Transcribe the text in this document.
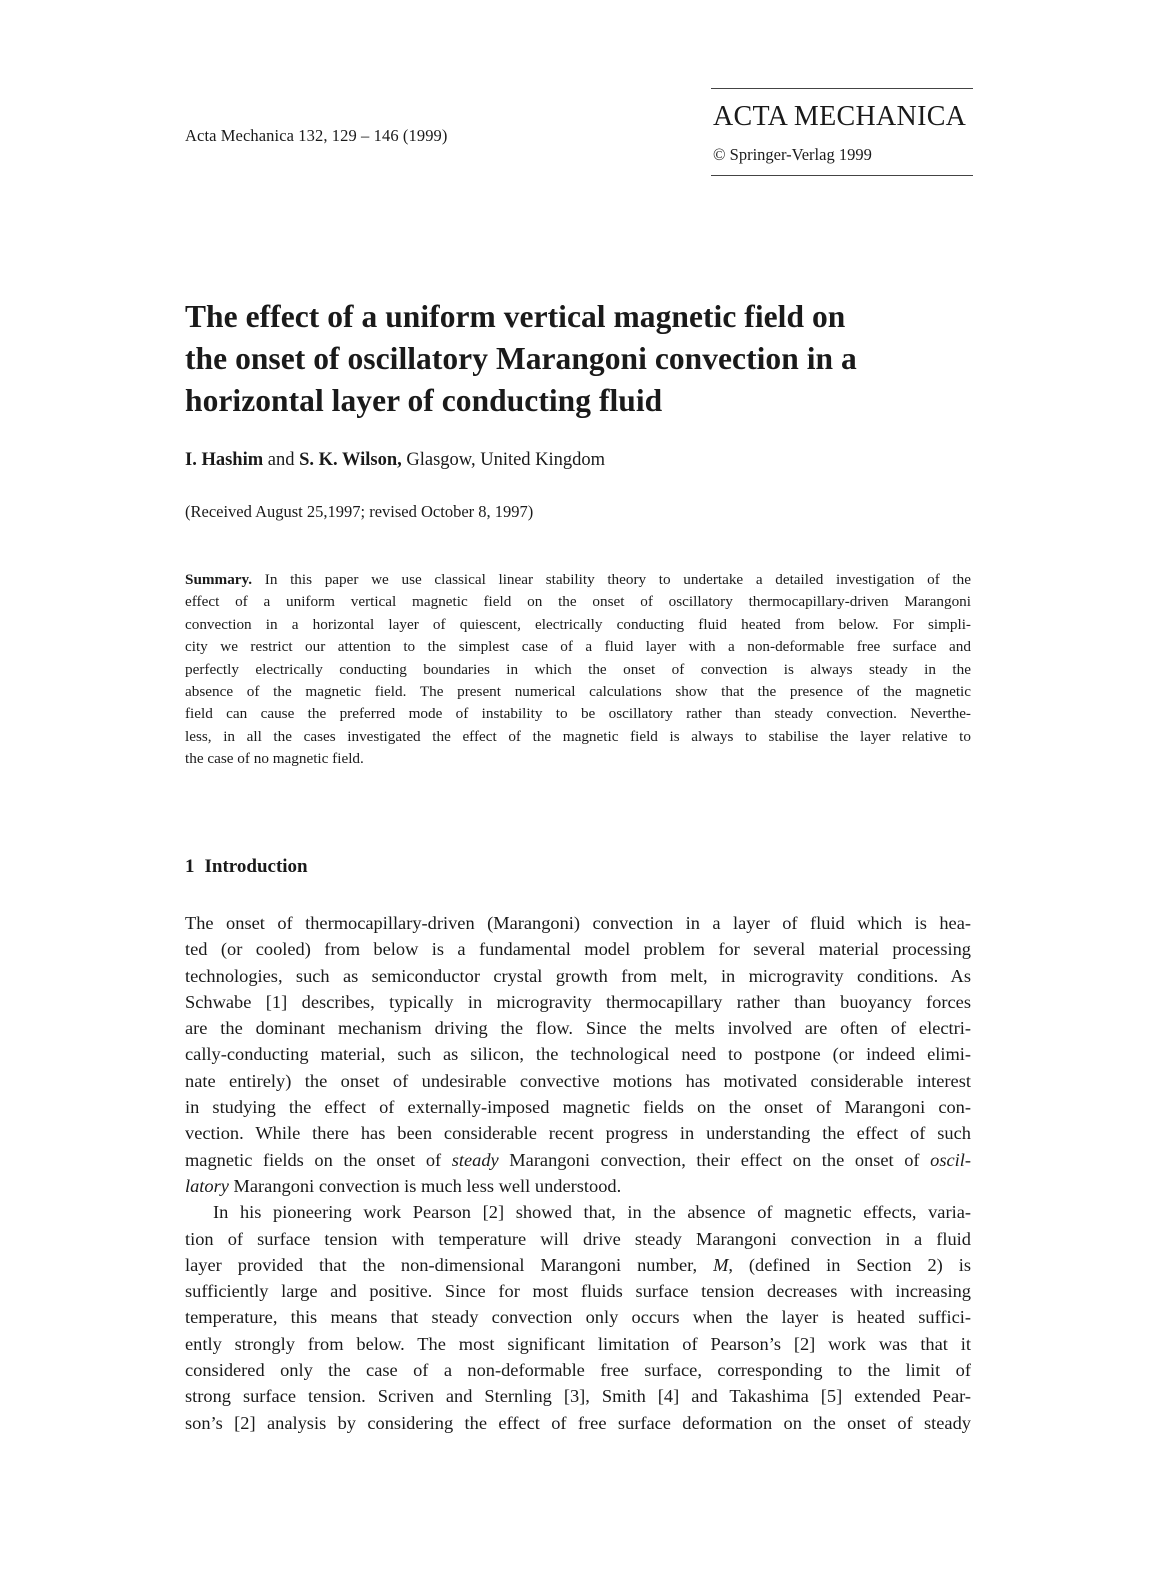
Acta Mechanica 132, 129 – 146 (1999)
ACTA MECHANICA
© Springer-Verlag 1999
The effect of a uniform vertical magnetic field on
the onset of oscillatory Marangoni convection in a
horizontal layer of conducting fluid
I. Hashim and S. K. Wilson, Glasgow, United Kingdom
(Received August 25,1997; revised October 8, 1997)
Summary. In this paper we use classical linear stability theory to undertake a detailed investigation of the
effect of a uniform vertical magnetic field on the onset of oscillatory thermocapillary-driven Marangoni
convection in a horizontal layer of quiescent, electrically conducting fluid heated from below. For simpli-
city we restrict our attention to the simplest case of a fluid layer with a non-deformable free surface and
perfectly electrically conducting boundaries in which the onset of convection is always steady in the
absence of the magnetic field. The present numerical calculations show that the presence of the magnetic
field can cause the preferred mode of instability to be oscillatory rather than steady convection. Neverthe-
less, in all the cases investigated the effect of the magnetic field is always to stabilise the layer relative to
the case of no magnetic field.
1 Introduction
The onset of thermocapillary-driven (Marangoni) convection in a layer of fluid which is hea-
ted (or cooled) from below is a fundamental model problem for several material processing
technologies, such as semiconductor crystal growth from melt, in microgravity conditions. As
Schwabe [1] describes, typically in microgravity thermocapillary rather than buoyancy forces
are the dominant mechanism driving the flow. Since the melts involved are often of electri-
cally-conducting material, such as silicon, the technological need to postpone (or indeed elimi-
nate entirely) the onset of undesirable convective motions has motivated considerable interest
in studying the effect of externally-imposed magnetic fields on the onset of Marangoni con-
vection. While there has been considerable recent progress in understanding the effect of such
magnetic fields on the onset of steady Marangoni convection, their effect on the onset of oscil-
latory Marangoni convection is much less well understood.
In his pioneering work Pearson [2] showed that, in the absence of magnetic effects, varia-
tion of surface tension with temperature will drive steady Marangoni convection in a fluid
layer provided that the non-dimensional Marangoni number, M, (defined in Section 2) is
sufficiently large and positive. Since for most fluids surface tension decreases with increasing
temperature, this means that steady convection only occurs when the layer is heated suffici-
ently strongly from below. The most significant limitation of Pearson’s [2] work was that it
considered only the case of a non-deformable free surface, corresponding to the limit of
strong surface tension. Scriven and Sternling [3], Smith [4] and Takashima [5] extended Pear-
son’s [2] analysis by considering the effect of free surface deformation on the onset of steady
